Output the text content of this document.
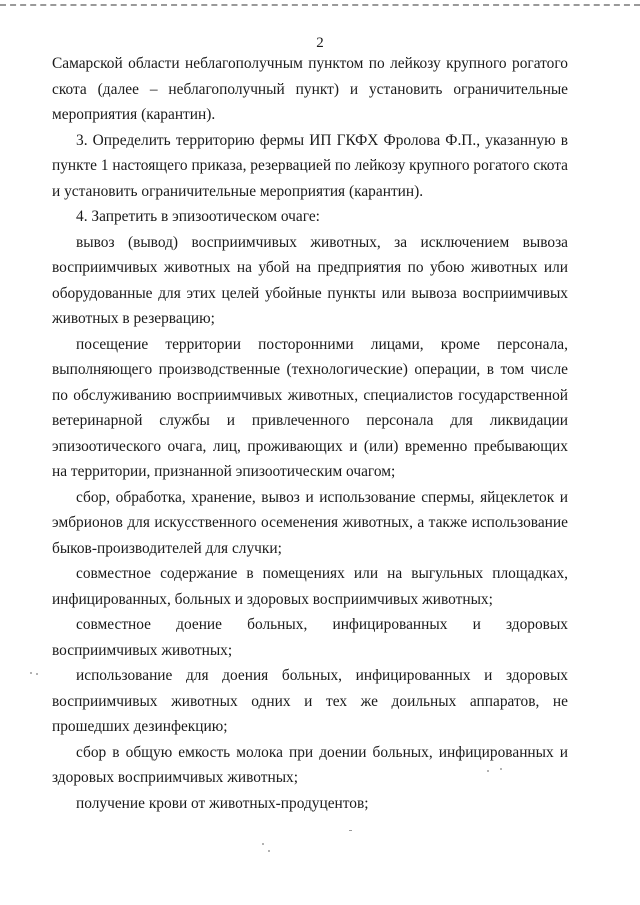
2

Самарской области неблагополучным пунктом по лейкозу крупного рогатого скота (далее – неблагополучный пункт) и установить ограничительные мероприятия (карантин).

3. Определить территорию фермы ИП ГКФХ Фролова Ф.П., указанную в пункте 1 настоящего приказа, резервацией по лейкозу крупного рогатого скота и установить ограничительные мероприятия (карантин).

4. Запретить в эпизоотическом очаге:

вывоз (вывод) восприимчивых животных, за исключением вывоза восприимчивых животных на убой на предприятия по убою животных или оборудованные для этих целей убойные пункты или вывоза восприимчивых животных в резервацию;

посещение территории посторонними лицами, кроме персонала, выполняющего производственные (технологические) операции, в том числе по обслуживанию восприимчивых животных, специалистов государственной ветеринарной службы и привлеченного персонала для ликвидации эпизоотического очага, лиц, проживающих и (или) временно пребывающих на территории, признанной эпизоотическим очагом;

сбор, обработка, хранение, вывоз и использование спермы, яйцеклеток и эмбрионов для искусственного осеменения животных, а также использование быков-производителей для случки;

совместное содержание в помещениях или на выгульных площадках, инфицированных, больных и здоровых восприимчивых животных;

совместное доение больных, инфицированных и здоровых восприимчивых животных;

использование для доения больных, инфицированных и здоровых восприимчивых животных одних и тех же доильных аппаратов, не прошедших дезинфекцию;

сбор в общую емкость молока при доении больных, инфицированных и здоровых восприимчивых животных;

получение крови от животных-продуцентов;
